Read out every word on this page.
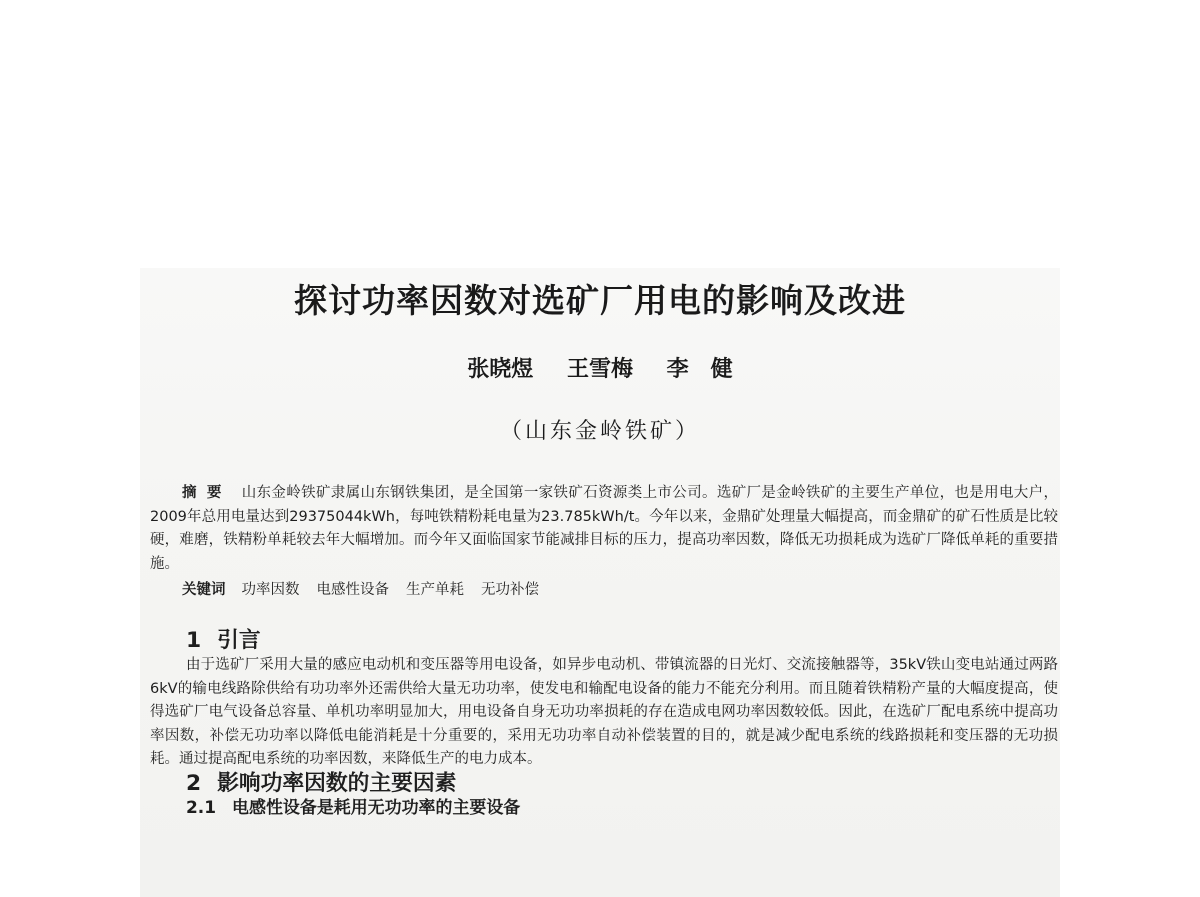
探讨功率因数对选矿厂用电的影响及改进
张晓煜 王雪梅 李　健
（山东金岭铁矿）

摘要 山东金岭铁矿隶属山东钢铁集团，是全国第一家铁矿石资源类上市公司。选矿厂是金岭铁矿的主要生产单位，也是用电大户，2009年总用电量达到29375044kWh，每吨铁精粉耗电量为23.785kWh/t。今年以来，金鼎矿处理量大幅提高，而金鼎矿的矿石性质是比较硬，难磨，铁精粉单耗较去年大幅增加。而今年又面临国家节能减排目标的压力，提高功率因数，降低无功损耗成为选矿厂降低单耗的重要措施。

关键词 功率因数 电感性设备 生产单耗 无功补偿

1 引言

由于选矿厂采用大量的感应电动机和变压器等用电设备，如异步电动机、带镇流器的日光灯、交流接触器等，35kV铁山变电站通过两路6kV的输电线路除供给有功功率外还需供给大量无功功率，使发电和输配电设备的能力不能充分利用。而且随着铁精粉产量的大幅度提高，使得选矿厂电气设备总容量、单机功率明显加大，用电设备自身无功功率损耗的存在造成电网功率因数较低。因此，在选矿厂配电系统中提高功率因数，补偿无功功率以降低电能消耗是十分重要的，采用无功功率自动补偿装置的目的，就是减少配电系统的线路损耗和变压器的无功损耗。通过提高配电系统的功率因数，来降低生产的电力成本。

2 影响功率因数的主要因素
2.1 电感性设备是耗用无功功率的主要设备
